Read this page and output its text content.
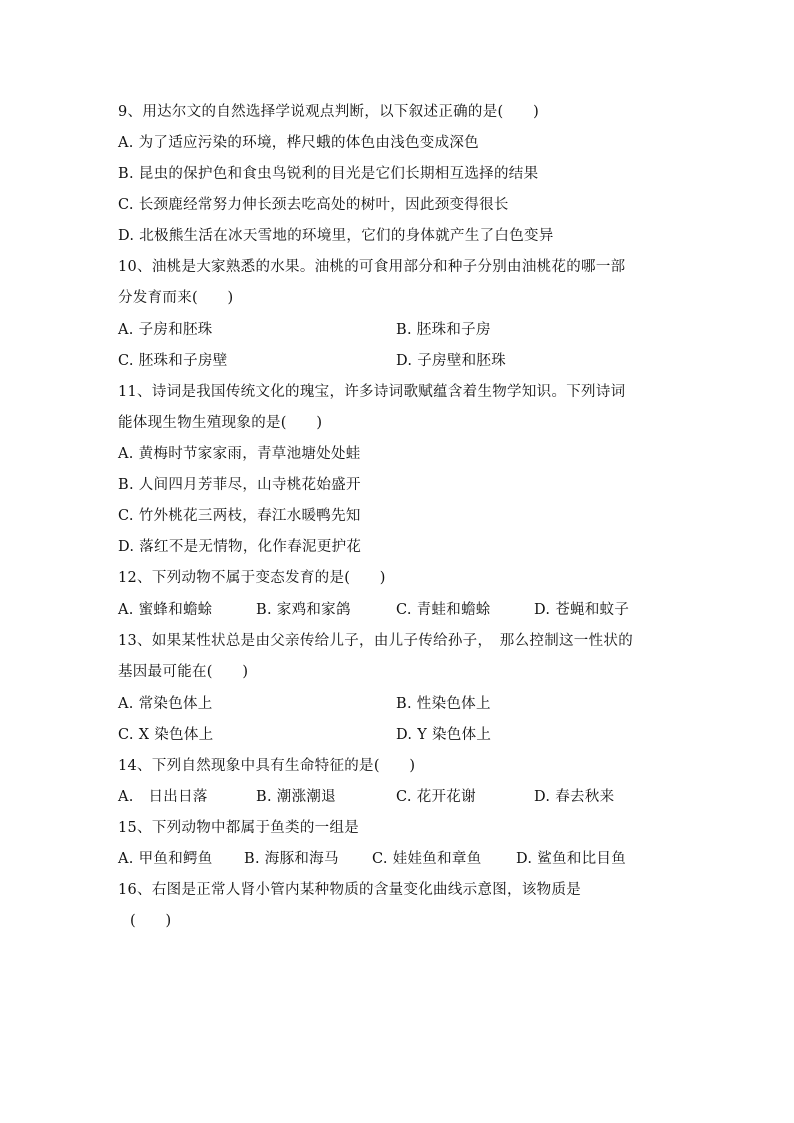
9、用达尔文的自然选择学说观点判断，以下叙述正确的是(　　)
A. 为了适应污染的环境，桦尺蛾的体色由浅色变成深色
B. 昆虫的保护色和食虫鸟锐利的目光是它们长期相互选择的结果
C. 长颈鹿经常努力伸长颈去吃高处的树叶，因此颈变得很长
D. 北极熊生活在冰天雪地的环境里，它们的身体就产生了白色变异
10、油桃是大家熟悉的水果。油桃的可食用部分和种子分别由油桃花的哪一部
分发育而来(　　)
A. 子房和胚珠	B. 胚珠和子房
C. 胚珠和子房壁	D. 子房壁和胚珠
11、诗词是我国传统文化的瑰宝，许多诗词歌赋蕴含着生物学知识。下列诗词
能体现生物生殖现象的是(　　)
A. 黄梅时节家家雨，青草池塘处处蛙
B. 人间四月芳菲尽，山寺桃花始盛开
C. 竹外桃花三两枝，春江水暖鸭先知
D. 落红不是无情物，化作春泥更护花
12、下列动物不属于变态发育的是(　　)
A. 蜜蜂和蟾蜍	B. 家鸡和家鸽	C. 青蛙和蟾蜍	D. 苍蝇和蚊子
13、如果某性状总是由父亲传给儿子，由儿子传给孙子，　那么控制这一性状的
基因最可能在(　　)
A. 常染色体上	B. 性染色体上
C. X 染色体上	D. Y 染色体上
14、下列自然现象中具有生命特征的是(　　)
A.　日出日落	B. 潮涨潮退	C. 花开花谢	D. 春去秋来
15、下列动物中都属于鱼类的一组是
A. 甲鱼和鳄鱼 B. 海豚和海马 C. 娃娃鱼和章鱼 D. 鲨鱼和比目鱼
16、右图是正常人肾小管内某种物质的含量变化曲线示意图，该物质是
(　　)
